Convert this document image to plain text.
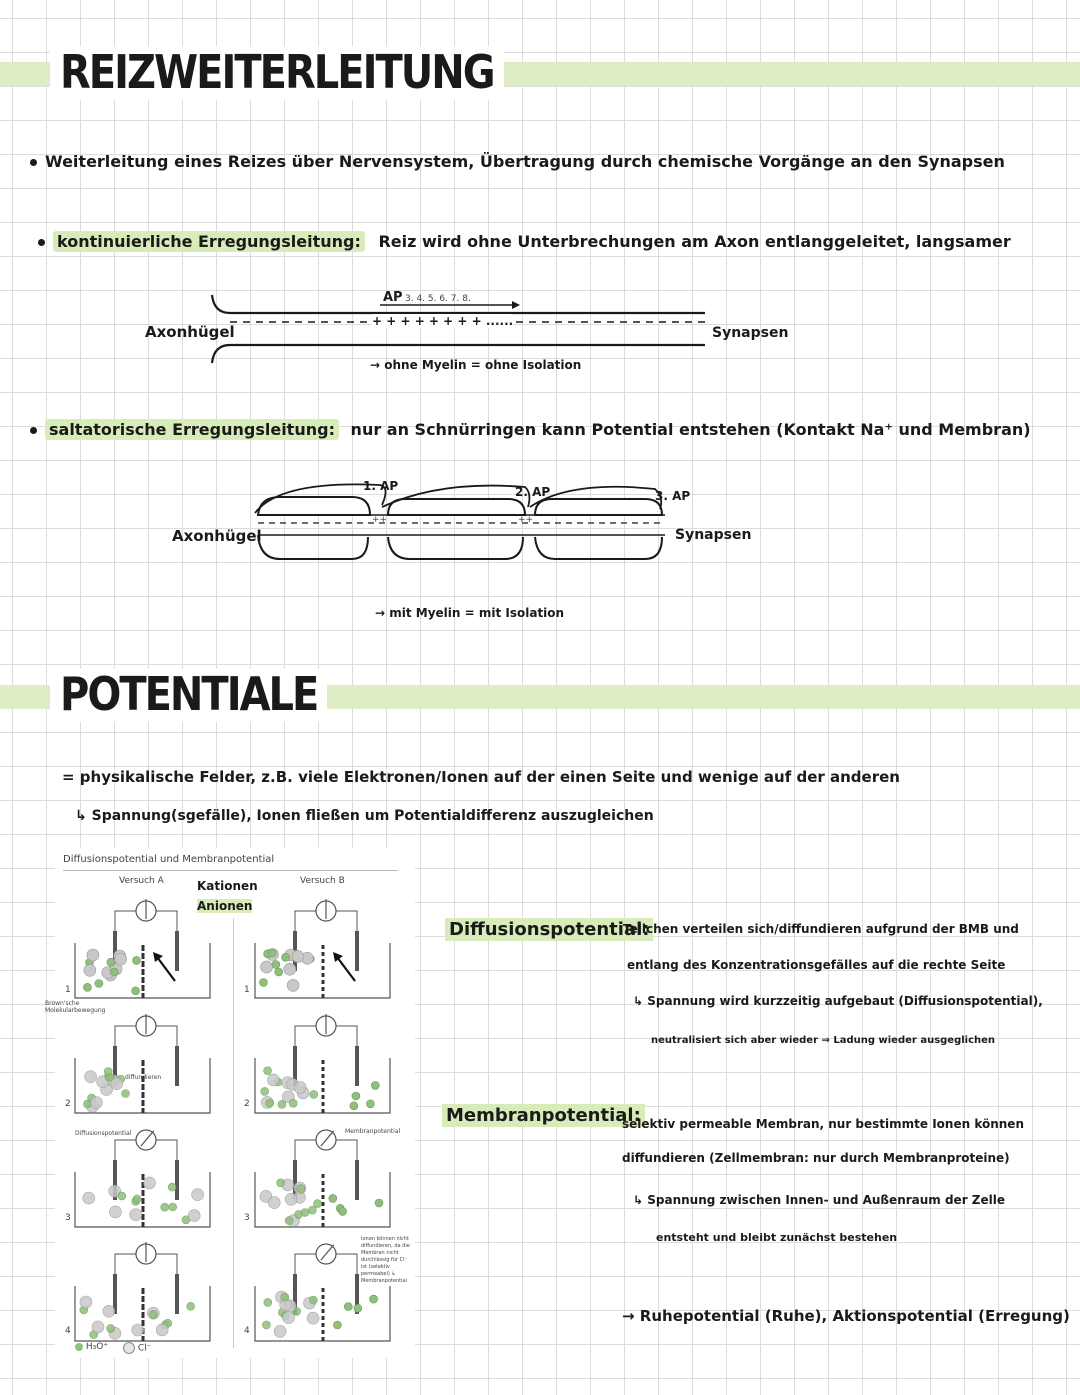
REIZWEITERLEITUNG
Weiterleitung eines Reizes über Nervensystem, Übertragung durch chemische Vorgänge an den Synapsen
kontinuierliche Erregungsleitung: Reiz wird ohne Unterbrechungen am Axon entlanggeleitet, langsamer
Axonhügel
AP 3. 4. 5. 6. 7. 8.
+ + + + + + + + ......
Synapsen
→ ohne Myelin = ohne Isolation
saltatorische Erregungsleitung: nur an Schnürringen kann Potential entstehen (Kontakt Na⁺ und Membran)
1. AP	2. AP	3. AP
++	++
Axonhügel	Synapsen
→ mit Myelin = mit Isolation
POTENTIALE
= physikalische Felder, z.B. viele Elektronen/Ionen auf der einen Seite und wenige auf der anderen
↳ Spannung(sgefälle), Ionen fließen um Potentialdifferenz auszugleichen
Diffusionspotential und Membranpotential
Versuch A	Versuch B
Kationen
Anionen
Brown'sche Molekularbewegung
diffundieren
Diffusionspotential	Membranpotential
Ionen können nicht diffundieren, da die Membran nicht durchlässig für Cl⁻ ist (selektiv permeabel) ↳ Membranpotential
1
2
3
4
1
2
3
4
H₃O⁺	Cl⁻
Diffusionspotential:
Teilchen verteilen sich/diffundieren aufgrund der BMB und
entlang des Konzentrationsgefälles auf die rechte Seite
↳ Spannung wird kurzzeitig aufgebaut (Diffusionspotential),
neutralisiert sich aber wieder ⇒ Ladung wieder ausgeglichen
Membranpotential:
selektiv permeable Membran, nur bestimmte Ionen können
diffundieren (Zellmembran: nur durch Membranproteine)
↳ Spannung zwischen Innen- und Außenraum der Zelle
entsteht und bleibt zunächst bestehen
→ Ruhepotential (Ruhe), Aktionspotential (Erregung)
